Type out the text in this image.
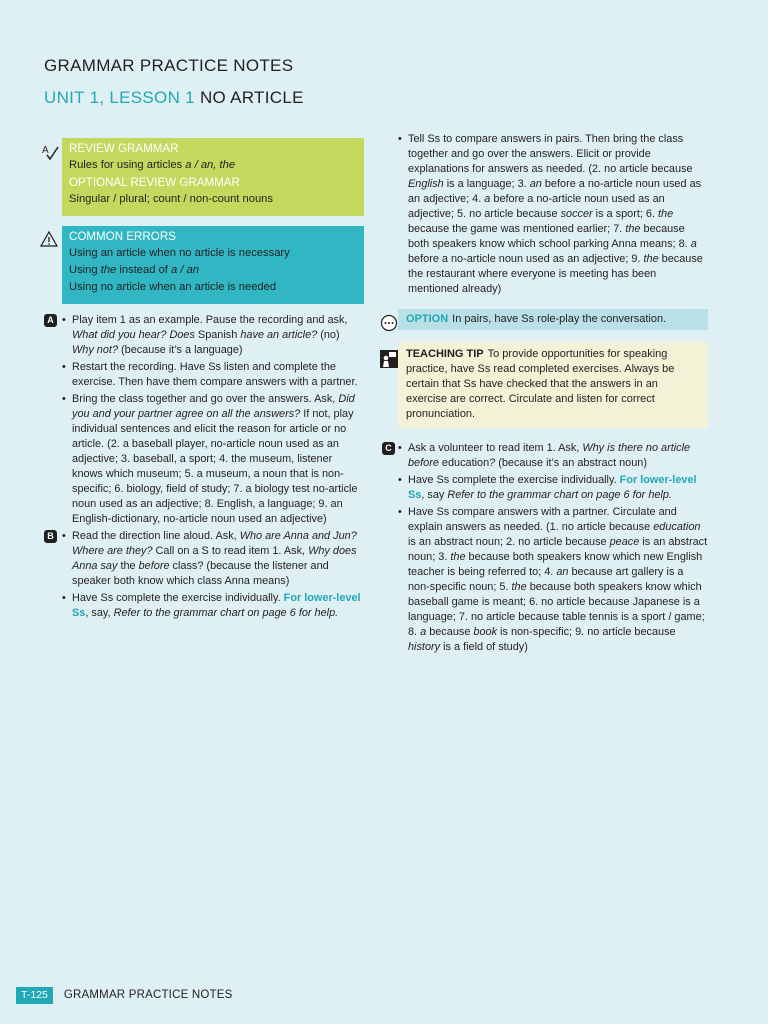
GRAMMAR PRACTICE NOTES
UNIT 1, LESSON 1 NO ARTICLE
A REVIEW GRAMMAR
Rules for using articles a / an, the
OPTIONAL REVIEW GRAMMAR
Singular / plural; count / non-count nouns
COMMON ERRORS
Using an article when no article is necessary
Using the instead of a / an
Using no article when an article is needed
A	• Play item 1 as an example. Pause the recording and ask, What did you hear? Does Spanish have an article? (no) Why not? (because it’s a language)
• Restart the recording. Have Ss listen and complete the exercise. Then have them compare answers with a partner.
• Bring the class together and go over the answers. Ask, Did you and your partner agree on all the answers? If not, play individual sentences and elicit the reason for article or no article. (2. a baseball player, no-article noun used as an adjective; 3. baseball, a sport; 4. the museum, listener knows which museum; 5. a museum, a noun that is non-specific; 6. biology, field of study; 7. a biology test no-article noun used as an adjective; 8. English, a language; 9. an English-dictionary, no-article noun used an adjective)
B	• Read the direction line aloud. Ask, Who are Anna and Jun? Where are they? Call on a S to read item 1. Ask, Why does Anna say the before class? (because the listener and speaker both know which class Anna means)
• Have Ss complete the exercise individually. For lower-level Ss, say, Refer to the grammar chart on page 6 for help.
• Tell Ss to compare answers in pairs. Then bring the class together and go over the answers. Elicit or provide explanations for answers as needed. (2. no article because English is a language; 3. an before a no-article noun used as an adjective; 4. a before a no-article noun used as an adjective; 5. no article because soccer is a sport; 6. the because the game was mentioned earlier; 7. the because both speakers know which school parking Anna means; 8. a before a no-article noun used as an adjective; 9. the because the restaurant where everyone is meeting has been mentioned already)
OPTION In pairs, have Ss role-play the conversation.
TEACHING TIP To provide opportunities for speaking practice, have Ss read completed exercises. Always be certain that Ss have checked that the answers in an exercise are correct. Circulate and listen for correct pronunciation.
C	• Ask a volunteer to read item 1. Ask, Why is there no article before education? (because it’s an abstract noun)
• Have Ss complete the exercise individually. For lower-level Ss, say Refer to the grammar chart on page 6 for help.
• Have Ss compare answers with a partner. Circulate and explain answers as needed. (1. no article because education is an abstract noun; 2. no article because peace is an abstract noun; 3. the because both speakers know which new English teacher is being referred to; 4. an because art gallery is a non-specific noun; 5. the because both speakers know which baseball game is meant; 6. no article because Japanese is a language; 7. no article because table tennis is a sport / game; 8. a because book is non-specific; 9. no article because history is a field of study)
T-125	GRAMMAR PRACTICE NOTES
